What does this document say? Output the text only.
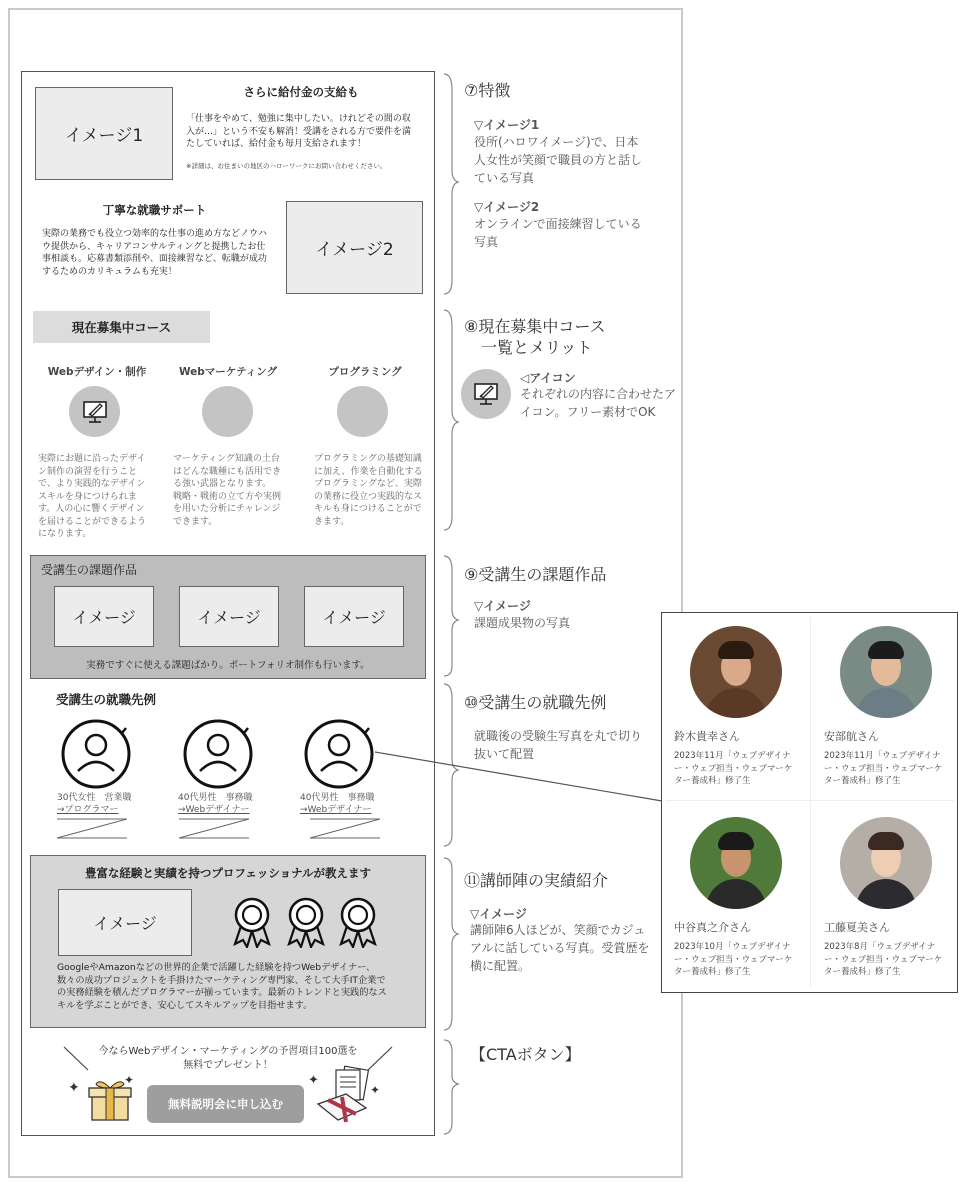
イメージ1
さらに給付金の支給も
「仕事をやめて、勉強に集中したい。けれどその間の収入が…」という不安も解消！受講をされる方で要件を満たしていれば、給付金も毎月支給されます！
※詳細は、お住まいの地区のハローワークにお問い合わせください。
丁寧な就職サポート
実際の業務でも役立つ効率的な仕事の進め方などノウハウ提供から、キャリアコンサルティングと提携したお仕事相談も。応募書類添削や、面接練習など、転職が成功するためのカリキュラムも充実！
イメージ2
現在募集中コース
Webデザイン・制作	Webマーケティング	プログラミング
実際にお題に沿ったデザイン制作の演習を行うことで、より実践的なデザインスキルを身につけられます。人の心に響くデザインを届けることができるようになります。
マーケティング知識の土台はどんな職種にも活用できる強い武器となります。
戦略・戦術の立て方や実例を用いた分析にチャレンジできます。
プログラミングの基礎知識に加え、作業を自動化するプログラミングなど、実際の業務に役立つ実践的なスキルも身につけることができます。
受講生の課題作品
イメージ	イメージ	イメージ
実務ですぐに使える課題ばかり。ポートフォリオ制作も行います。
受講生の就職先例
30代女性　営業職
→プログラマー
40代男性　事務職
→Webデザイナー
40代男性　事務職
→Webデザイナー
豊富な経験と実績を持つプロフェッショナルが教えます
イメージ
GoogleやAmazonなどの世界的企業で活躍した経験を持つWebデザイナー、数々の成功プロジェクトを手掛けたマーケティング専門家、そして大手IT企業での実務経験を積んだプログラマーが揃っています。最新のトレンドと実践的なスキルを学ぶことができ、安心してスキルアップを目指せます。
今ならWebデザイン・マーケティングの予習項目100選を
無料でプレゼント！
✦	✦
無料説明会に申し込む
✦
✦
⑦特徴
▽イメージ1
役所(ハロワイメージ)で、日本人女性が笑顔で職員の方と話している写真
▽イメージ2
オンラインで面接練習している写真
⑧現在募集中コース
一覧とメリット
◁アイコン
それぞれの内容に合わせたアイコン。フリー素材でOK
⑨受講生の課題作品
▽イメージ
課題成果物の写真
⑩受講生の就職先例
就職後の受験生写真を丸で切り抜いて配置
⑪講師陣の実績紹介
▽イメージ
講師陣6人ほどが、笑顔でカジュアルに話している写真。受賞歴を横に配置。
【CTAボタン】
鈴木貴幸さん
2023年11月「ウェブデザイナー・ウェブ担当・ウェブマーケター養成科」修了生
安部航さん
2023年11月「ウェブデザイナー・ウェブ担当・ウェブマーケター養成科」修了生
中谷真之介さん
2023年10月「ウェブデザイナー・ウェブ担当・ウェブマーケター養成科」修了生
工藤夏美さん
2023年8月「ウェブデザイナー・ウェブ担当・ウェブマーケター養成科」修了生
